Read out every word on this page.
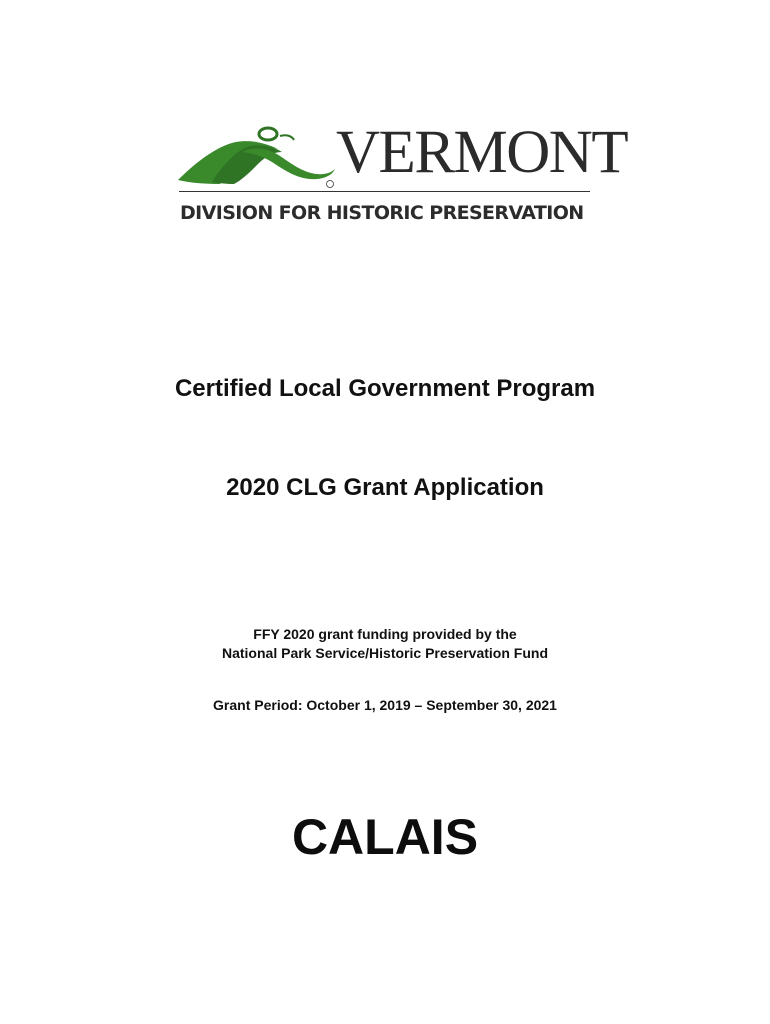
VERMONT
DIVISION FOR HISTORIC PRESERVATION
Certified Local Government Program
2020 CLG Grant Application
FFY 2020 grant funding provided by the
National Park Service/Historic Preservation Fund
Grant Period: October 1, 2019 – September 30, 2021
CALAIS
